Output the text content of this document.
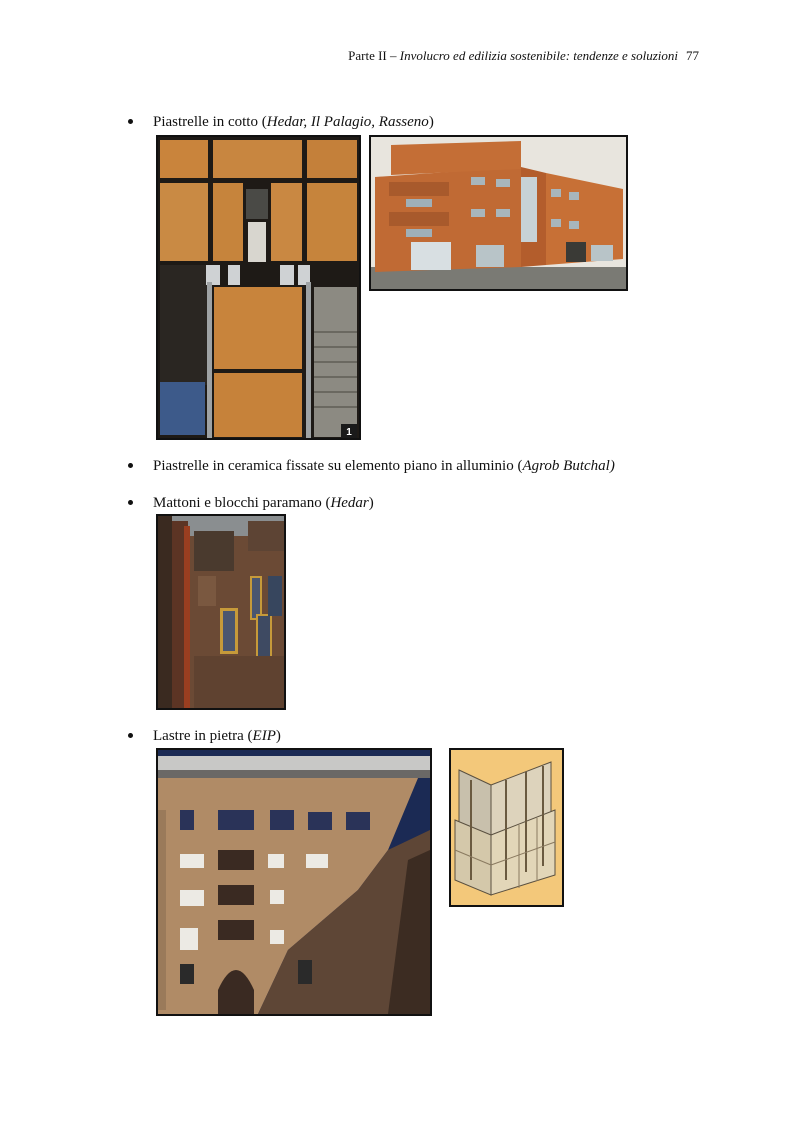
Parte II – Involucro ed edilizia sostenibile: tendenze e soluzioni 77
Piastrelle in cotto (Hedar, Il Palagio, Rasseno)
1
Piastrelle in ceramica fissate su elemento piano in alluminio (Agrob Butchal)
Mattoni e blocchi paramano (Hedar)
Lastre in pietra (EIP)
